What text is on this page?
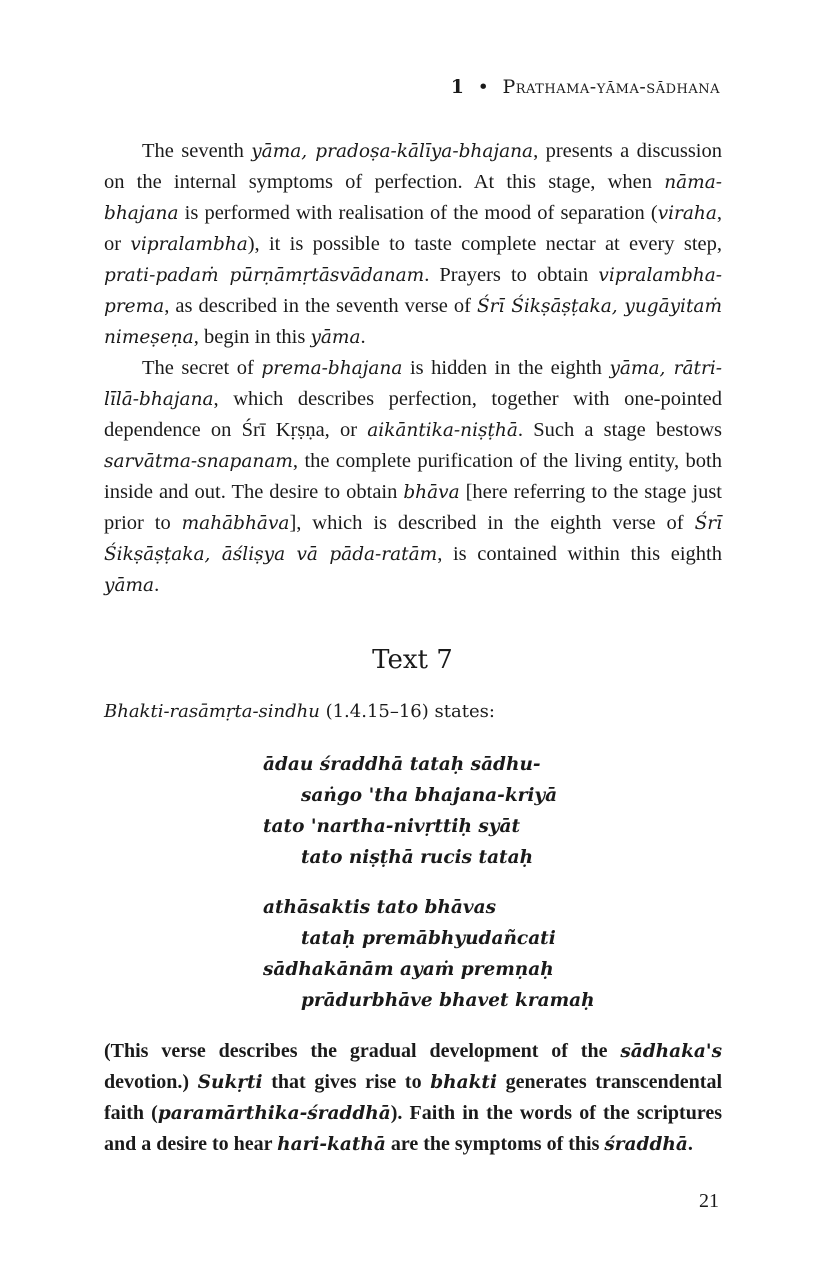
1 • Prathama-yāma-sādhana

The seventh yāma, pradoṣa-kālīya-bhajana, presents a discussion on the internal symptoms of perfection. At this stage, when nāma-bhajana is performed with realisation of the mood of separation (viraha, or vipralambha), it is possible to taste complete nectar at every step, prati-padaṁ pūrṇāmṛtāsvādanam. Prayers to obtain vipralambha-prema, as described in the seventh verse of Śrī Śikṣāṣṭaka, yugāyitaṁ nimeṣeṇa, begin in this yāma.

The secret of prema-bhajana is hidden in the eighth yāma, rātri-līlā-bhajana, which describes perfection, together with one-pointed dependence on Śrī Kṛṣṇa, or aikāntika-niṣṭhā. Such a stage bestows sarvātma-snapanam, the complete purification of the living entity, both inside and out. The desire to obtain bhāva [here referring to the stage just prior to mahābhāva], which is described in the eighth verse of Śrī Śikṣāṣṭaka, āśliṣya vā pāda-ratām, is contained within this eighth yāma.

Text 7
Bhakti-rasāmṛta-sindhu (1.4.15–16) states:
ādau śraddhā tataḥ sādhu-
saṅgo 'tha bhajana-kriyā
tato 'nartha-nivṛttiḥ syāt
tato niṣṭhā rucis tataḥ
athāsaktis tato bhāvas
tataḥ premābhyudañcati
sādhakānām ayaṁ premṇaḥ
prādurbhāve bhavet kramaḥ
(This verse describes the gradual development of the sādhaka's devotion.) Sukṛti that gives rise to bhakti generates transcendental faith (paramārthika-śraddhā). Faith in the words of the scriptures and a desire to hear hari-kathā are the symptoms of this śraddhā.
21
